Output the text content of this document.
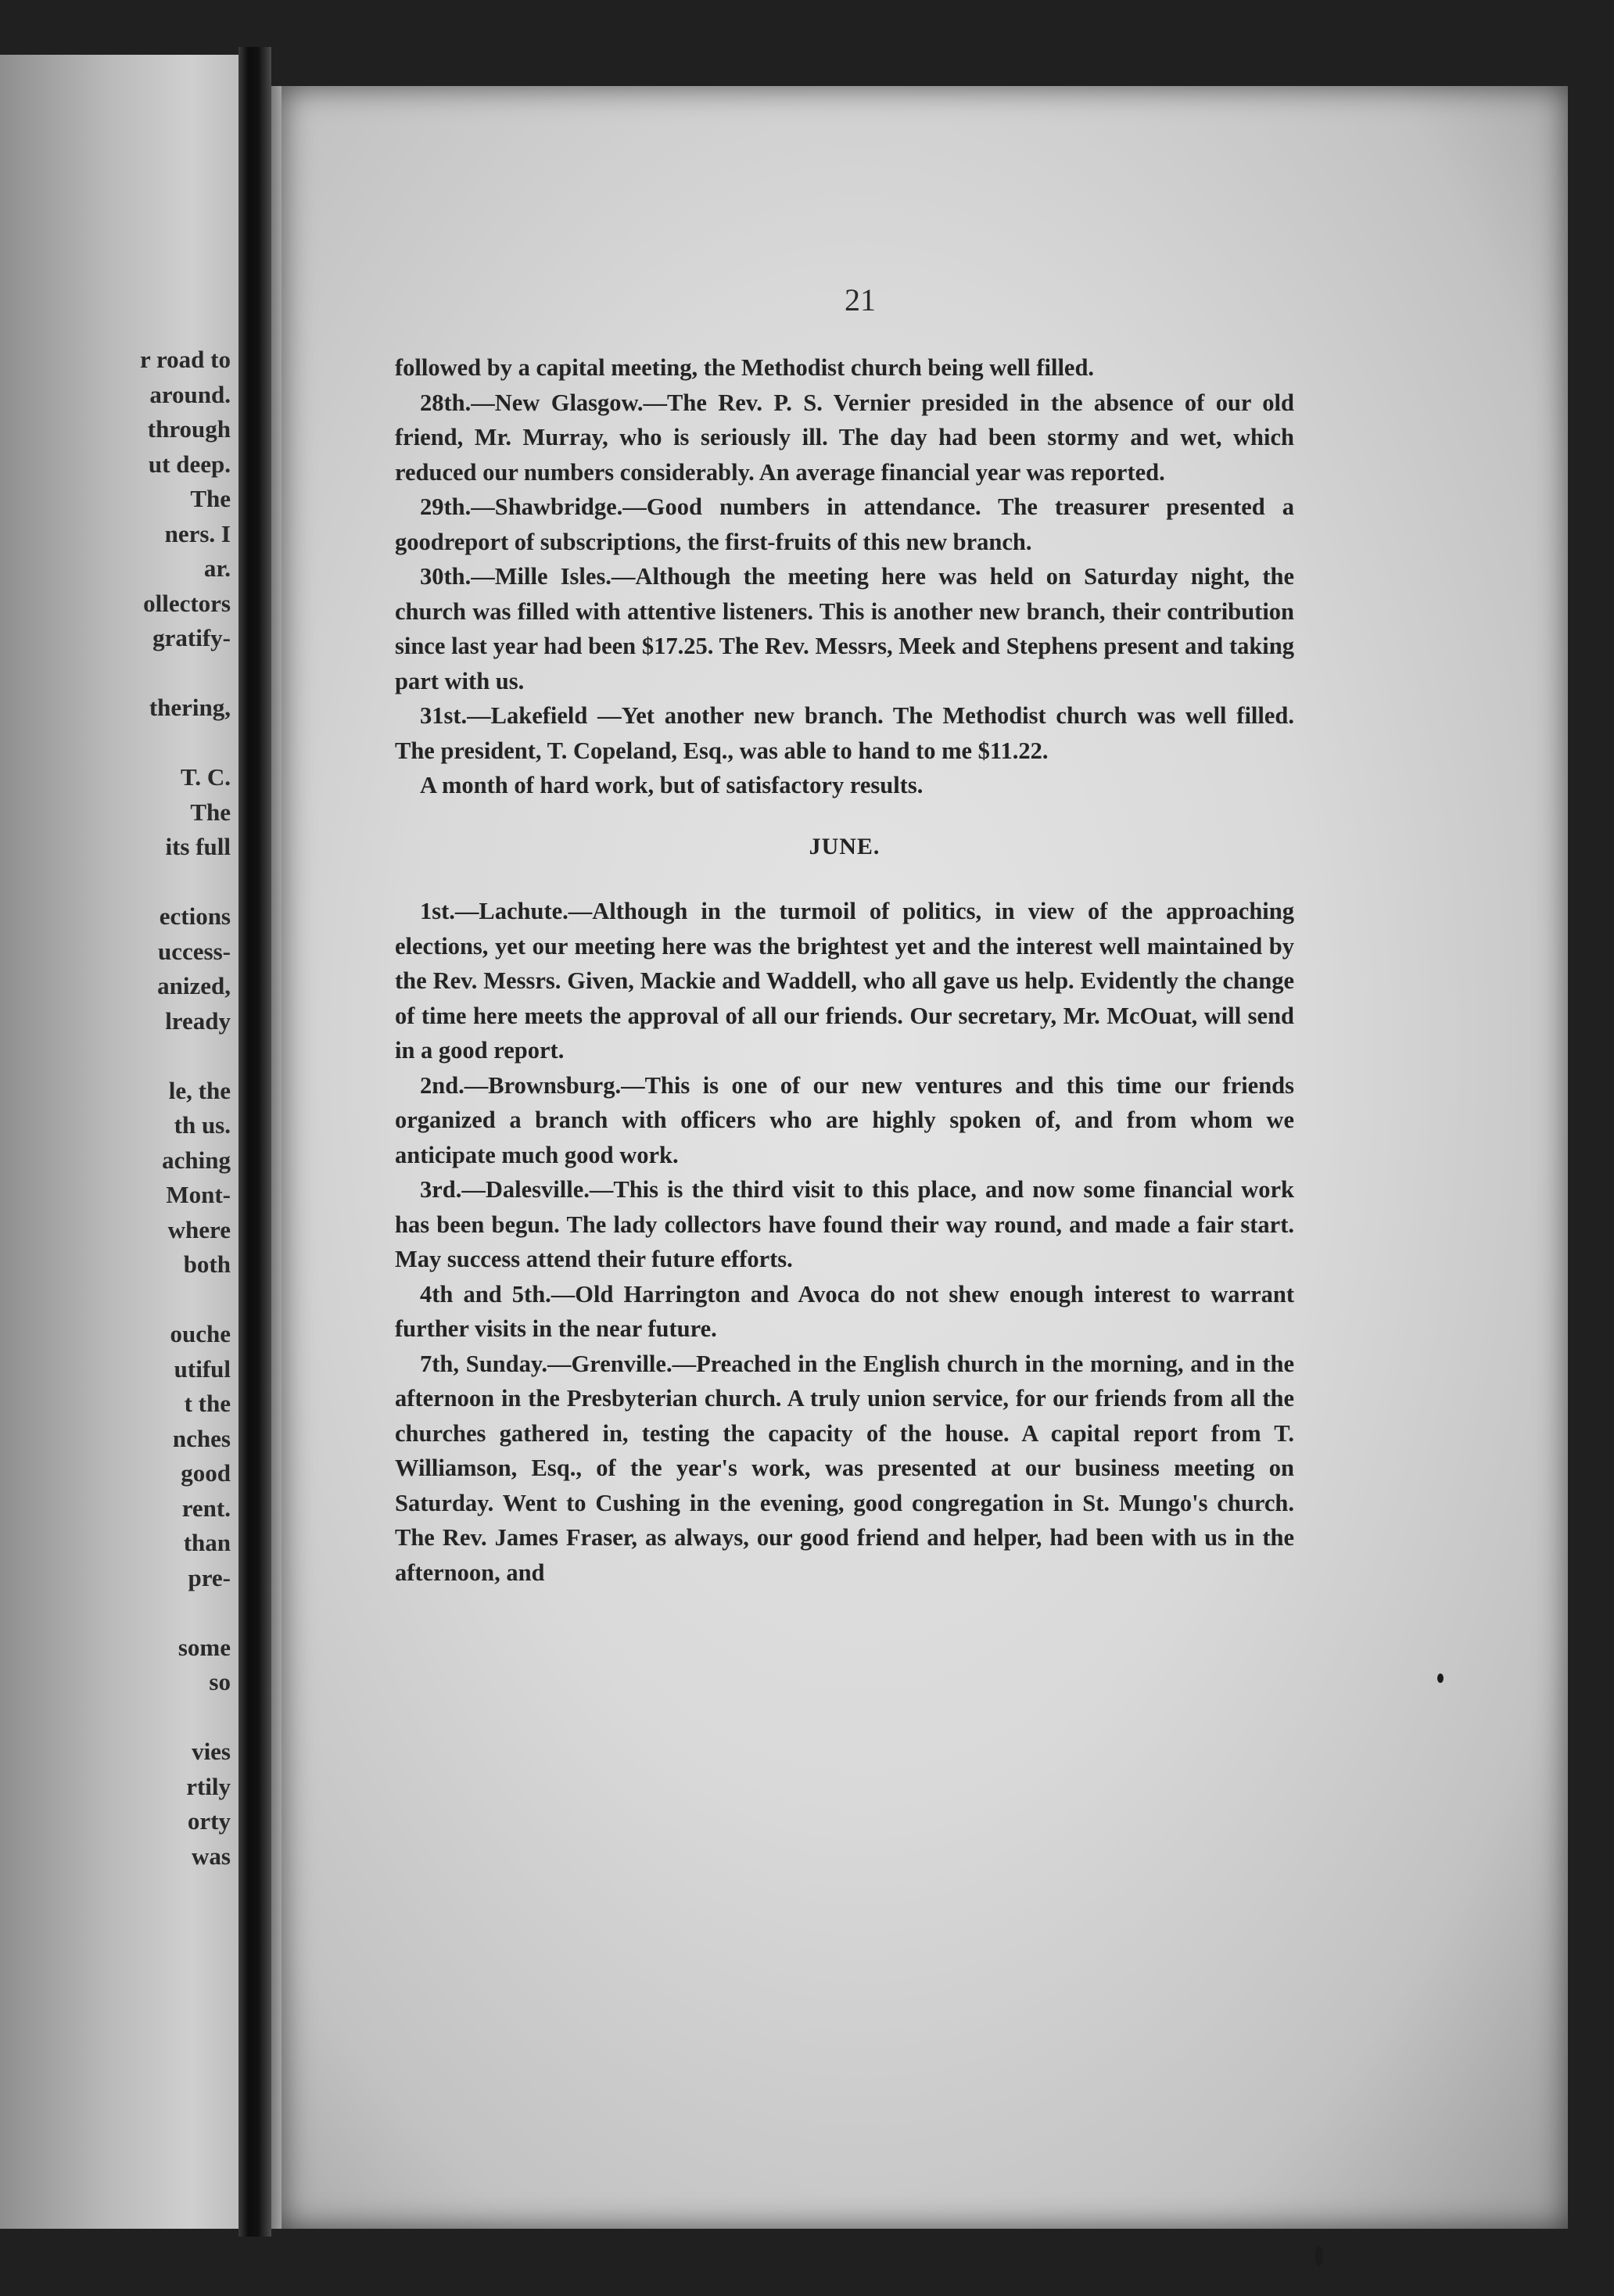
r road to
around.
through
ut deep.
The
ners. I
ar.
ollectors
gratify-
thering,
T. C.
The
its full
ections
uccess-
anized,
lready
le, the
th us.
aching
Mont-
where
both
ouche
utiful
t the
nches
good
rent.
than
pre-
some
so
vies
rtily
orty
was
21

followed by a capital meeting, the Methodist church being well filled.

28th.—New Glasgow.—The Rev. P. S. Vernier presided in the absence of our old friend, Mr. Murray, who is seriously ill. The day had been stormy and wet, which reduced our numbers considerably. An average financial year was reported.

29th.—Shawbridge.—Good numbers in attendance. The treasurer presented a goodreport of subscriptions, the first-fruits of this new branch.

30th.—Mille Isles.—Although the meeting here was held on Saturday night, the church was filled with attentive listeners. This is another new branch, their contribution since last year had been $17.25. The Rev. Messrs, Meek and Stephens present and taking part with us.

31st.—Lakefield —Yet another new branch. The Methodist church was well filled. The president, T. Copeland, Esq., was able to hand to me $11.22.

A month of hard work, but of satisfactory results.

JUNE.

1st.—Lachute.—Although in the turmoil of politics, in view of the approaching elections, yet our meeting here was the brightest yet and the interest well maintained by the Rev. Messrs. Given, Mackie and Waddell, who all gave us help. Evidently the change of time here meets the approval of all our friends. Our secretary, Mr. McOuat, will send in a good report.

2nd.—Brownsburg.—This is one of our new ventures and this time our friends organized a branch with officers who are highly spoken of, and from whom we anticipate much good work.

3rd.—Dalesville.—This is the third visit to this place, and now some financial work has been begun. The lady collectors have found their way round, and made a fair start. May success attend their future efforts.

4th and 5th.—Old Harrington and Avoca do not shew enough interest to warrant further visits in the near future.

7th, Sunday.—Grenville.—Preached in the English church in the morning, and in the afternoon in the Presbyterian church. A truly union service, for our friends from all the churches gathered in, testing the capacity of the house. A capital report from T. Williamson, Esq., of the year's work, was presented at our business meeting on Saturday. Went to Cushing in the evening, good congregation in St. Mungo's church. The Rev. James Fraser, as always, our good friend and helper, had been with us in the afternoon, and
